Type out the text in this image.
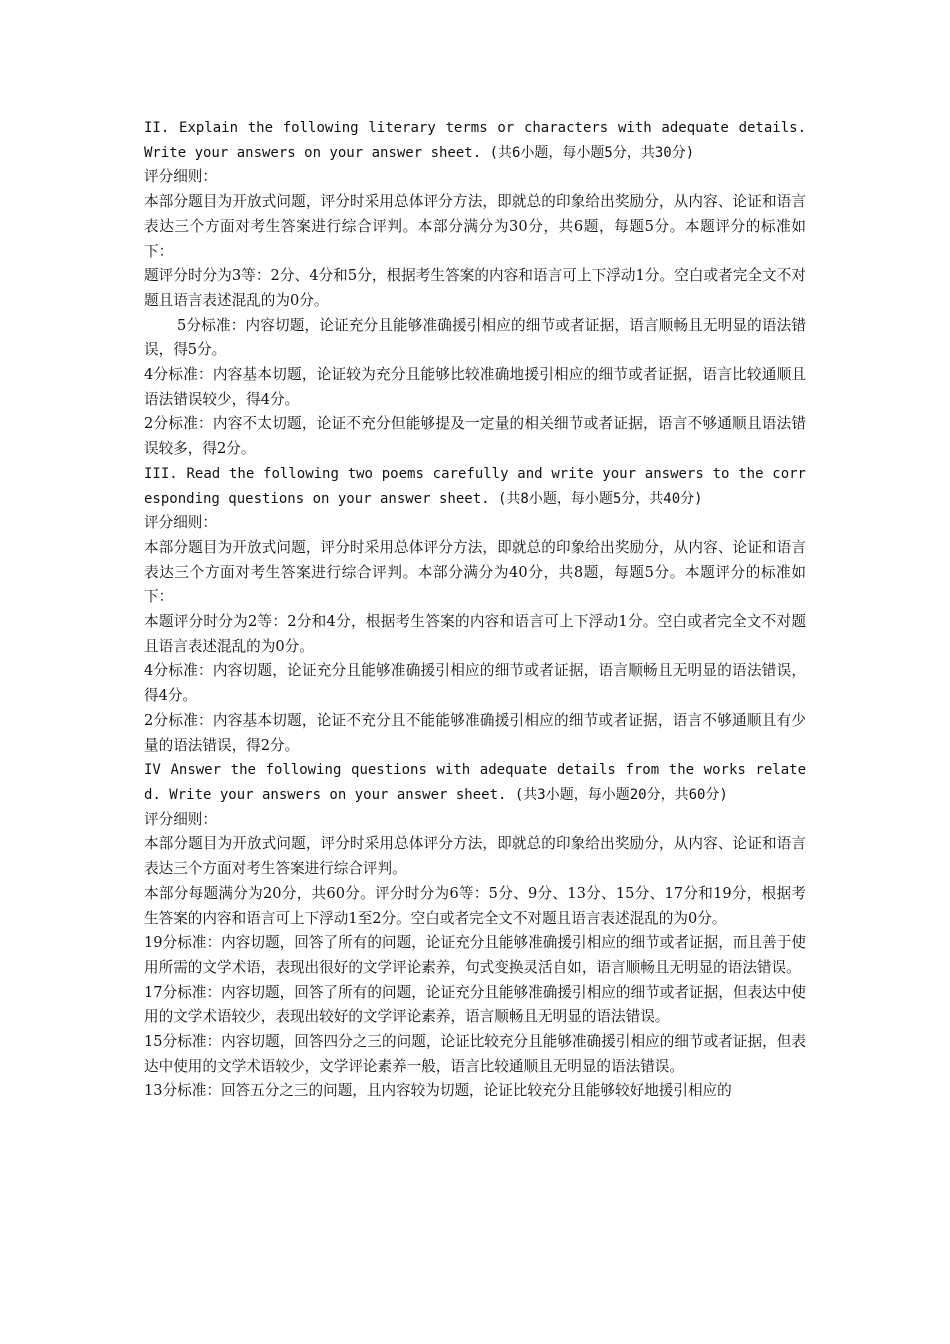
II. Explain the following literary terms or characters with adequate details. Write your answers on your answer sheet. (共6小题，每小题5分，共30分)

评分细则：

本部分题目为开放式问题，评分时采用总体评分方法，即就总的印象给出奖励分，从内容、论证和语言表达三个方面对考生答案进行综合评判。本部分满分为30分，共6题，每题5分。本题评分的标准如下：

题评分时分为3等：2分、4分和5分，根据考生答案的内容和语言可上下浮动1分。空白或者完全文不对题且语言表述混乱的为0分。

5分标准：内容切题，论证充分且能够准确援引相应的细节或者证据，语言顺畅且无明显的语法错误，得5分。

4分标准：内容基本切题，论证较为充分且能够比较准确地援引相应的细节或者证据，语言比较通顺且语法错误较少，得4分。

2分标准：内容不太切题，论证不充分但能够提及一定量的相关细节或者证据，语言不够通顺且语法错误较多，得2分。

III. Read the following two poems carefully and write your answers to the corresponding questions on your answer sheet. (共8小题，每小题5分，共40分)

评分细则：

本部分题目为开放式问题，评分时采用总体评分方法，即就总的印象给出奖励分，从内容、论证和语言表达三个方面对考生答案进行综合评判。本部分满分为40分，共8题，每题5分。本题评分的标准如下：

本题评分时分为2等：2分和4分，根据考生答案的内容和语言可上下浮动1分。空白或者完全文不对题且语言表述混乱的为0分。

4分标准：内容切题，论证充分且能够准确援引相应的细节或者证据，语言顺畅且无明显的语法错误，得4分。

2分标准：内容基本切题，论证不充分且不能能够准确援引相应的细节或者证据，语言不够通顺且有少量的语法错误，得2分。

IV Answer the following questions with adequate details from the works related. Write your answers on your answer sheet. (共3小题，每小题20分，共60分)

评分细则：

本部分题目为开放式问题，评分时采用总体评分方法，即就总的印象给出奖励分，从内容、论证和语言表达三个方面对考生答案进行综合评判。

本部分每题满分为20分，共60分。评分时分为6等：5分、9分、13分、15分、17分和19分，根据考生答案的内容和语言可上下浮动1至2分。空白或者完全文不对题且语言表述混乱的为0分。

19分标准：内容切题，回答了所有的问题，论证充分且能够准确援引相应的细节或者证据，而且善于使用所需的文学术语，表现出很好的文学评论素养，句式变换灵活自如，语言顺畅且无明显的语法错误。

17分标准：内容切题，回答了所有的问题，论证充分且能够准确援引相应的细节或者证据，但表达中使用的文学术语较少，表现出较好的文学评论素养，语言顺畅且无明显的语法错误。

15分标准：内容切题，回答四分之三的问题，论证比较充分且能够准确援引相应的细节或者证据，但表达中使用的文学术语较少，文学评论素养一般，语言比较通顺且无明显的语法错误。

13分标准：回答五分之三的问题，且内容较为切题，论证比较充分且能够较好地援引相应的
